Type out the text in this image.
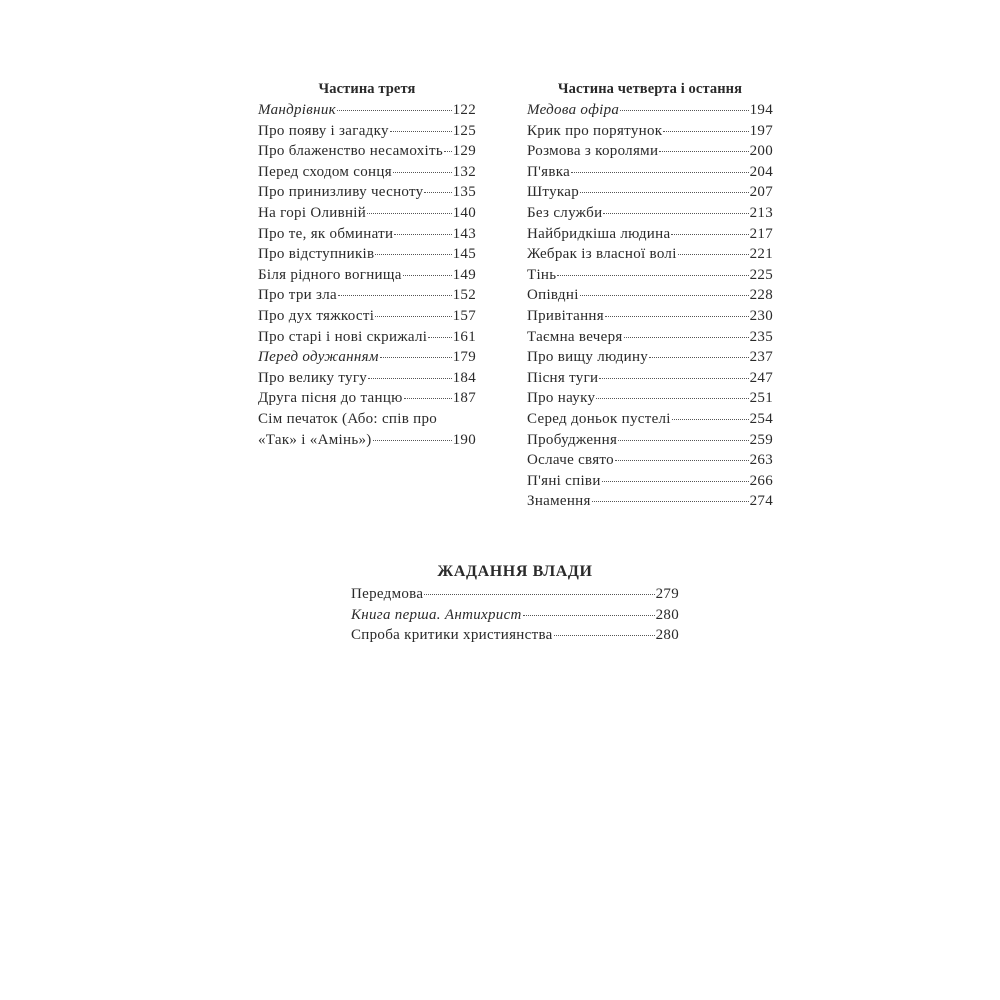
Частина третя
Мандрівник	122
Про появу і загадку	125
Про блаженство несамохіть 129
Перед сходом сонця	132
Про принизливу чесноту 135
На горі Оливній	140
Про те, як обминати	143
Про відступників	145
Біля рідного вогнища	149
Про три зла	152
Про дух тяжкості	157
Про старі і нові скрижалі 161
Перед одужанням	179
Про велику тугу	184
Друга пісня до танцю	187
Сім печаток (Або: спів про
«Так» і «Амінь»)	190
Частина четверта і остання
Медова офіра	194
Крик про порятунок	197
Розмова з королями	200
П'явка	204
Штукар	207
Без служби	213
Найбридкіша людина	217
Жебрак із власної волі	221
Тінь	225
Опівдні	228
Привітання	230
Таємна вечеря	235
Про вищу людину	237
Пісня туги	247
Про науку	251
Серед доньок пустелі	254
Пробудження	259
Ослаче свято	263
П'яні співи	266
Знамення	274
ЖАДАННЯ ВЛАДИ
Передмова	279
Книга перша. Антихрист	280
Спроба критики християнства	280
